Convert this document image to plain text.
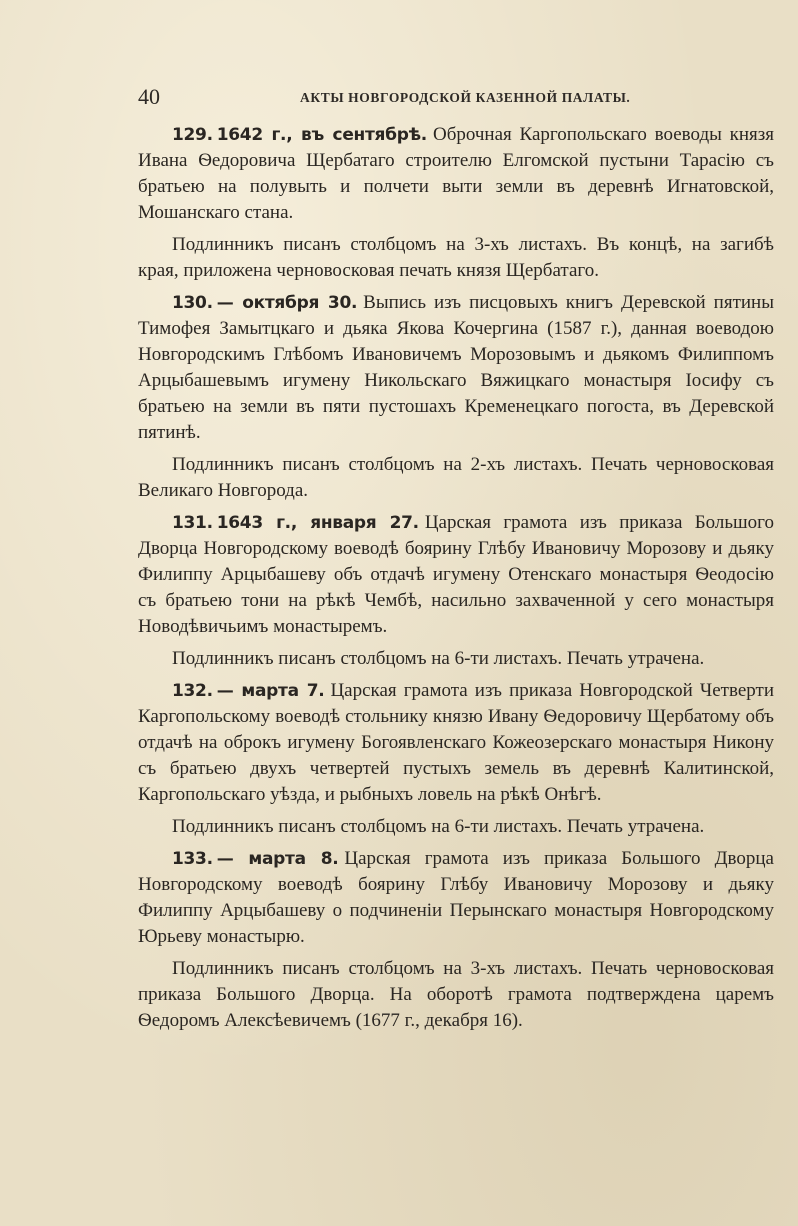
40	АКТЫ НОВГОРОДСКОЙ КАЗЕННОЙ ПАЛАТЫ.

129. 1642 г., въ сентябрѣ. Оброчная Каргопольскаго воеводы князя Ивана Ѳедоровича Щербатаго строителю Елгомской пустыни Тарасію съ братьею на полувыть и полчети выти земли въ деревнѣ Игнатовской, Мошанскаго стана.

Подлинникъ писанъ столбцомъ на 3-хъ листахъ. Въ концѣ, на загибѣ края, приложена черновосковая печать князя Щербатаго.

130. — октября 30. Выпись изъ писцовыхъ книгъ Деревской пятины Тимофея Замытцкаго и дьяка Якова Кочергина (1587 г.), данная воеводою Новгородскимъ Глѣбомъ Ивановичемъ Морозовымъ и дьякомъ Филиппомъ Арцыбашевымъ игумену Никольскаго Вяжицкаго монастыря Іосифу съ братьею на земли въ пяти пустошахъ Кременецкаго погоста, въ Деревской пятинѣ.

Подлинникъ писанъ столбцомъ на 2-хъ листахъ. Печать черновосковая Великаго Новгорода.

131. 1643 г., января 27. Царская грамота изъ приказа Большого Дворца Новгородскому воеводѣ боярину Глѣбу Ивановичу Морозову и дьяку Филиппу Арцыбашеву объ отдачѣ игумену Отенскаго монастыря Ѳеодосію съ братьею тони на рѣкѣ Чембѣ, насильно захваченной у сего монастыря Новодѣвичьимъ монастыремъ.

Подлинникъ писанъ столбцомъ на 6-ти листахъ. Печать утрачена.

132. — марта 7. Царская грамота изъ приказа Новгородской Четверти Каргопольскому воеводѣ стольнику князю Ивану Ѳедоровичу Щербатому объ отдачѣ на оброкъ игумену Богоявленскаго Кожеозерскаго монастыря Никону съ братьею двухъ четвертей пустыхъ земель въ деревнѣ Калитинской, Каргопольскаго уѣзда, и рыбныхъ ловель на рѣкѣ Онѣгѣ.

Подлинникъ писанъ столбцомъ на 6-ти листахъ. Печать утрачена.

133. — марта 8. Царская грамота изъ приказа Большого Дворца Новгородскому воеводѣ боярину Глѣбу Ивановичу Морозову и дьяку Филиппу Арцыбашеву о подчиненіи Перынскаго монастыря Новгородскому Юрьеву монастырю.

Подлинникъ писанъ столбцомъ на 3-хъ листахъ. Печать черновосковая приказа Большого Дворца. На оборотѣ грамота подтверждена царемъ Ѳедоромъ Алексѣевичемъ (1677 г., декабря 16).
